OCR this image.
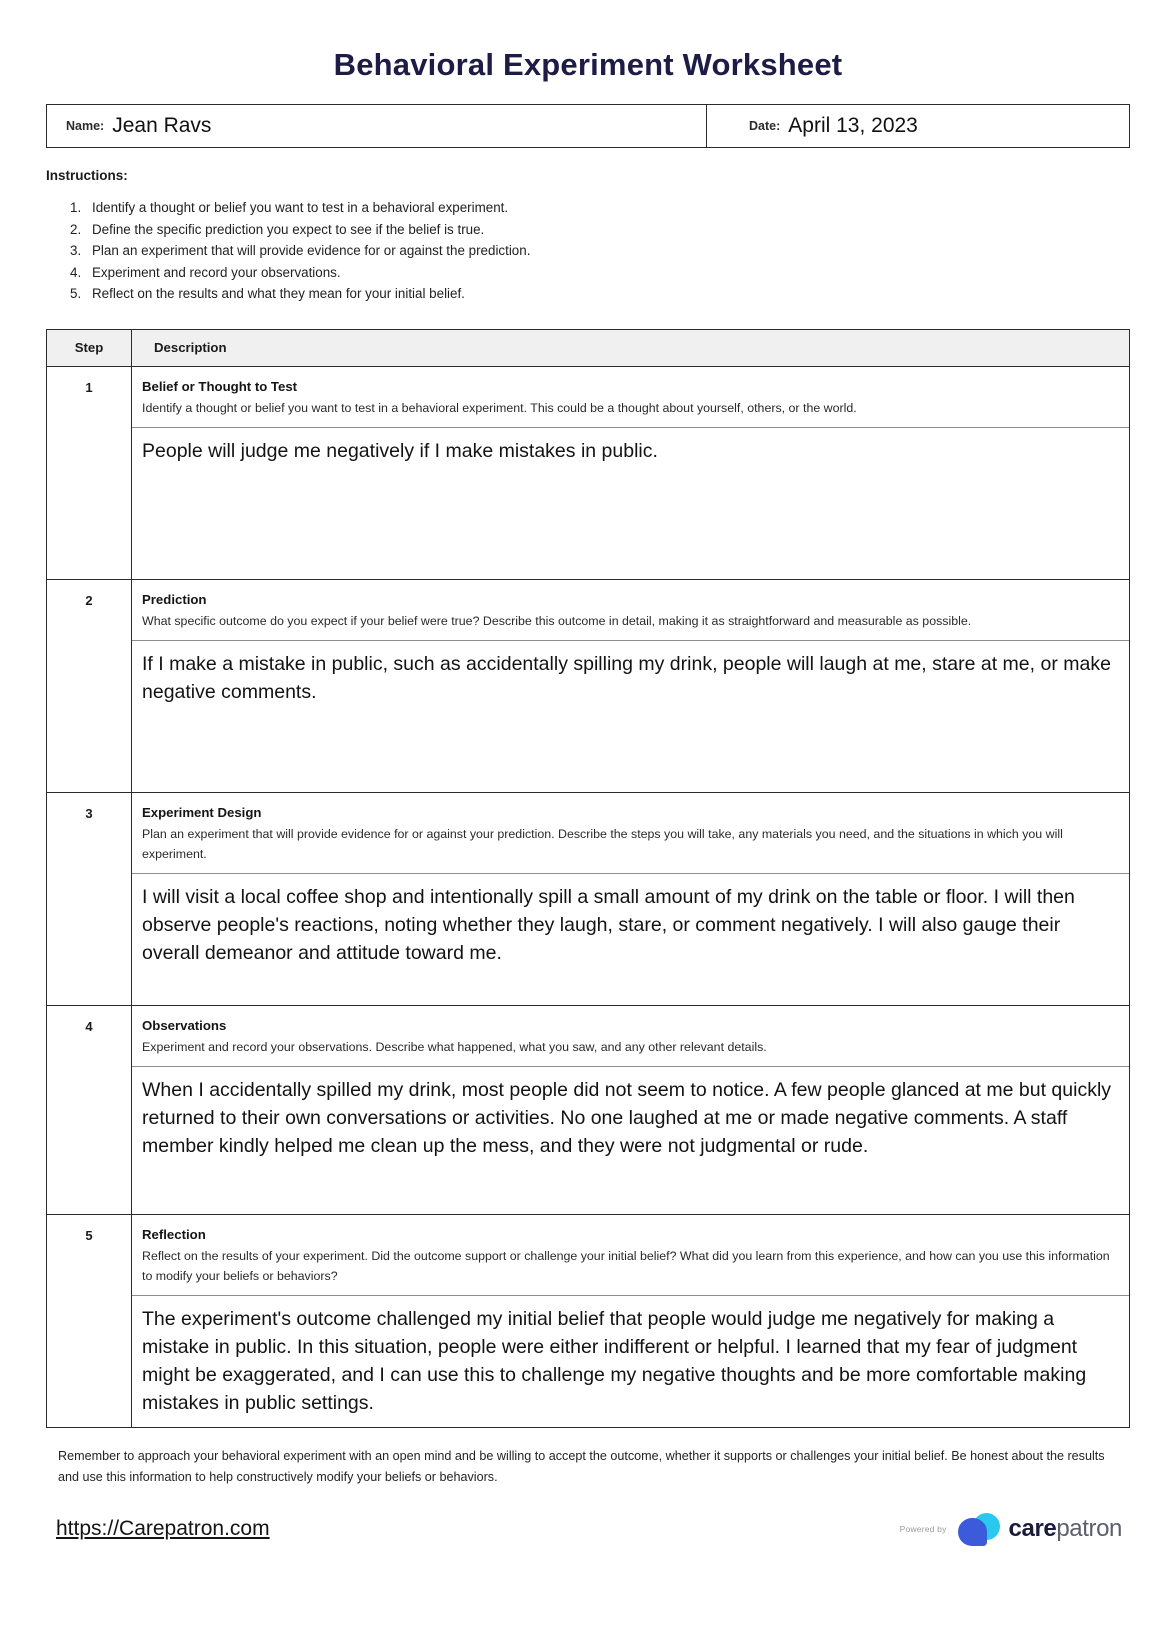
Behavioral Experiment Worksheet
Name: Jean Ravs	Date: April 13, 2023
Instructions:
Identify a thought or belief you want to test in a behavioral experiment.
Define the specific prediction you expect to see if the belief is true.
Plan an experiment that will provide evidence for or against the prediction.
Experiment and record your observations.
Reflect on the results and what they mean for your initial belief.
Step	Description
1	Belief or Thought to Test
Identify a thought or belief you want to test in a behavioral experiment. This could be a thought about yourself, others, or the world.
People will judge me negatively if I make mistakes in public.
2	Prediction
What specific outcome do you expect if your belief were true? Describe this outcome in detail, making it as straightforward and measurable as possible.
If I make a mistake in public, such as accidentally spilling my drink, people will laugh at me, stare at me, or make negative comments.
3	Experiment Design
Plan an experiment that will provide evidence for or against your prediction. Describe the steps you will take, any materials you need, and the situations in which you will experiment.
I will visit a local coffee shop and intentionally spill a small amount of my drink on the table or floor. I will then observe people's reactions, noting whether they laugh, stare, or comment negatively. I will also gauge their overall demeanor and attitude toward me.
4	Observations
Experiment and record your observations. Describe what happened, what you saw, and any other relevant details.
When I accidentally spilled my drink, most people did not seem to notice. A few people glanced at me but quickly returned to their own conversations or activities. No one laughed at me or made negative comments. A staff member kindly helped me clean up the mess, and they were not judgmental or rude.
5	Reflection
Reflect on the results of your experiment. Did the outcome support or challenge your initial belief? What did you learn from this experience, and how can you use this information to modify your beliefs or behaviors?
The experiment's outcome challenged my initial belief that people would judge me negatively for making a mistake in public. In this situation, people were either indifferent or helpful. I learned that my fear of judgment might be exaggerated, and I can use this to challenge my negative thoughts and be more comfortable making mistakes in public settings.
Remember to approach your behavioral experiment with an open mind and be willing to accept the outcome, whether it supports or challenges your initial belief. Be honest about the results and use this information to help constructively modify your beliefs or behaviors.
https://Carepatron.com	Powered by	carepatron
